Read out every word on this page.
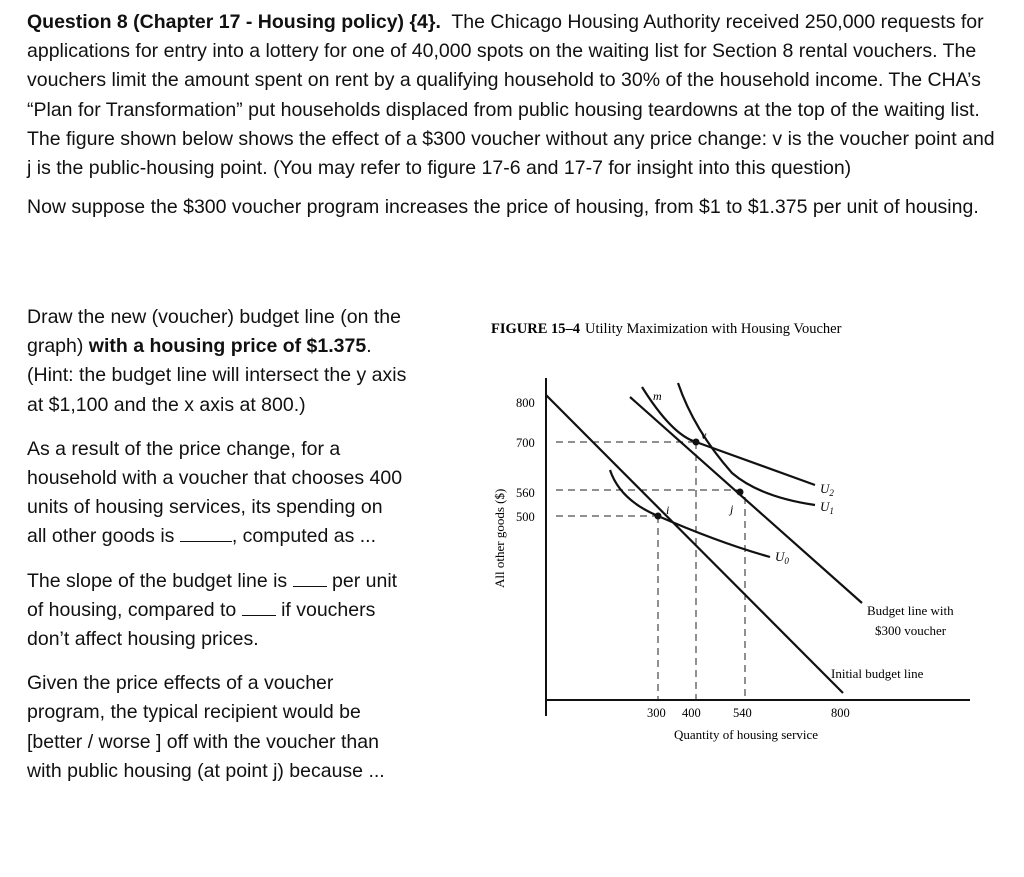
Question 8 (Chapter 17 - Housing policy) {4}. The Chicago Housing Authority received 250,000 requests for applications for entry into a lottery for one of 40,000 spots on the waiting list for Section 8 rental vouchers. The vouchers limit the amount spent on rent by a qualifying household to 30% of the household income. The CHA’s “Plan for Transformation” put households displaced from public housing teardowns at the top of the waiting list. The figure shown below shows the effect of a $300 voucher without any price change: v is the voucher point and j is the public-housing point. (You may refer to figure 17-6 and 17-7 for insight into this question)

Now suppose the $300 voucher program increases the price of housing, from $1 to $1.375 per unit of housing.

Draw the new (voucher) budget line (on the graph) with a housing price of $1.375. (Hint: the budget line will intersect the y axis at $1,100 and the x axis at 800.)

As a result of the price change, for a household with a voucher that chooses 400 units of housing services, its spending on all other goods is	, computed as ...

The slope of the budget line is per unit of housing, compared to if vouchers don’t affect housing prices.

Given the price effects of a voucher program, the typical recipient would be [better / worse ] off with the voucher than with public housing (at point j) because ...

FIGURE 15–4 Utility Maximization with Housing Voucher
All other goods ($)
800
700
560
500
m
v
i	j
$U_2$
$U_1$
$U_0$
Budget line with
$300 voucher
Initial budget line
300 400	540	800
Quantity of housing service
